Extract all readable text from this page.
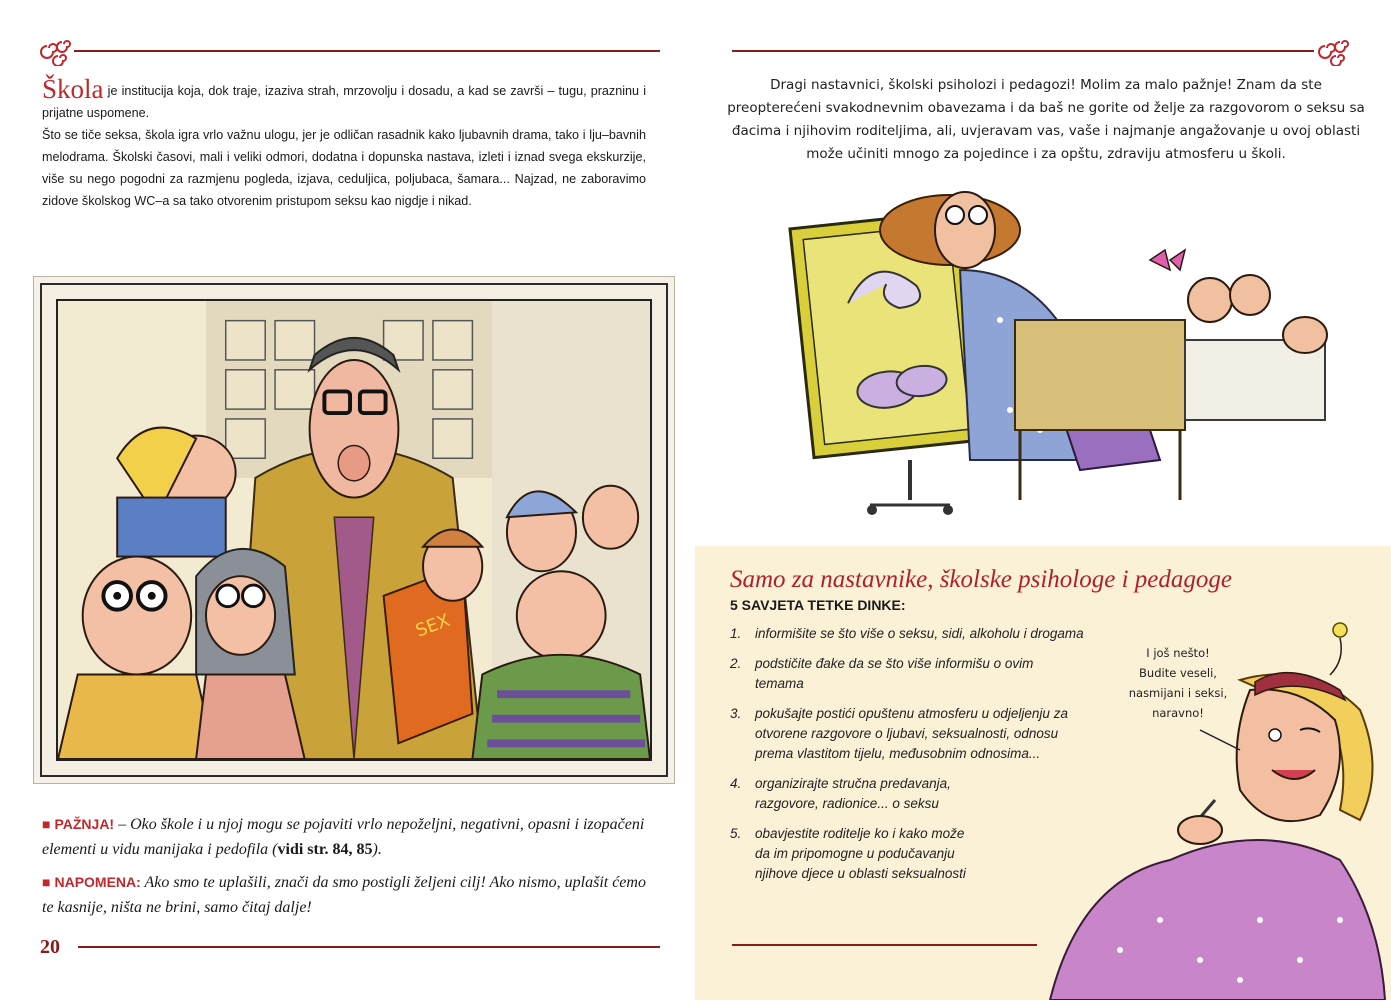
Škola je institucija koja, dok traje, izaziva strah, mrzovolju i dosadu, a kad se završi – tugu, prazninu i prijatne uspomene.

Što se tiče seksa, škola igra vrlo važnu ulogu, jer je odličan rasadnik kako ljubavnih drama, tako i lju–bavnih melodrama. Školski časovi, mali i veliki odmori, dodatna i dopunska nastava, izleti i iznad svega ekskurzije, više su nego pogodni za razmjenu pogleda, izjava, ceduljica, poljubaca, šamara... Najzad, ne zaboravimo zidove školskog WC–a sa tako otvorenim pristupom seksu kao nigdje i nikad.

SEX
■ PAŽNJA! – Oko škole i u njoj mogu se pojaviti vrlo nepoželjni, negativni, opasni i izopačeni elementi u vidu manijaka i pedofila (vidi str. 84, 85).
■ NAPOMENA: Ako smo te uplašili, znači da smo postigli željeni cilj! Ako nismo, uplašit ćemo te kasnije, ništa ne brini, samo čitaj dalje!
20
Dragi nastavnici, školski psiholozi i pedagozi! Molim za malo pažnje! Znam da ste preopterećeni svakodnevnim obavezama i da baš ne gorite od želje za razgovorom o seksu sa đacima i njihovim roditeljima, ali, uvjeravam vas, vaše i najmanje angažovanje u ovoj oblasti može učiniti mnogo za pojedince i za opštu, zdraviju atmosferu u školi.
Samo za nastavnike, školske psihologe i pedagoge
5 SAVJETA TETKE DINKE:
1.	informišite se što više o seksu, sidi, alkoholu i drogama
2.	podstičite đake da se što više informišu o ovim temama
3.	pokušajte postići opuštenu atmosferu u odjeljenju za otvorene razgovore o ljubavi, seksualnosti, odnosu prema vlastitom tijelu, međusobnim odnosima...
4.	organizirajte stručna predavanja, razgovore, radionice... o seksu
5.	obavjestite roditelje ko i kako može da im pripomogne u podučavanju njihove djece u oblasti seksualnosti
I još nešto!
Budite veseli,
nasmijani i seksi,
naravno!
